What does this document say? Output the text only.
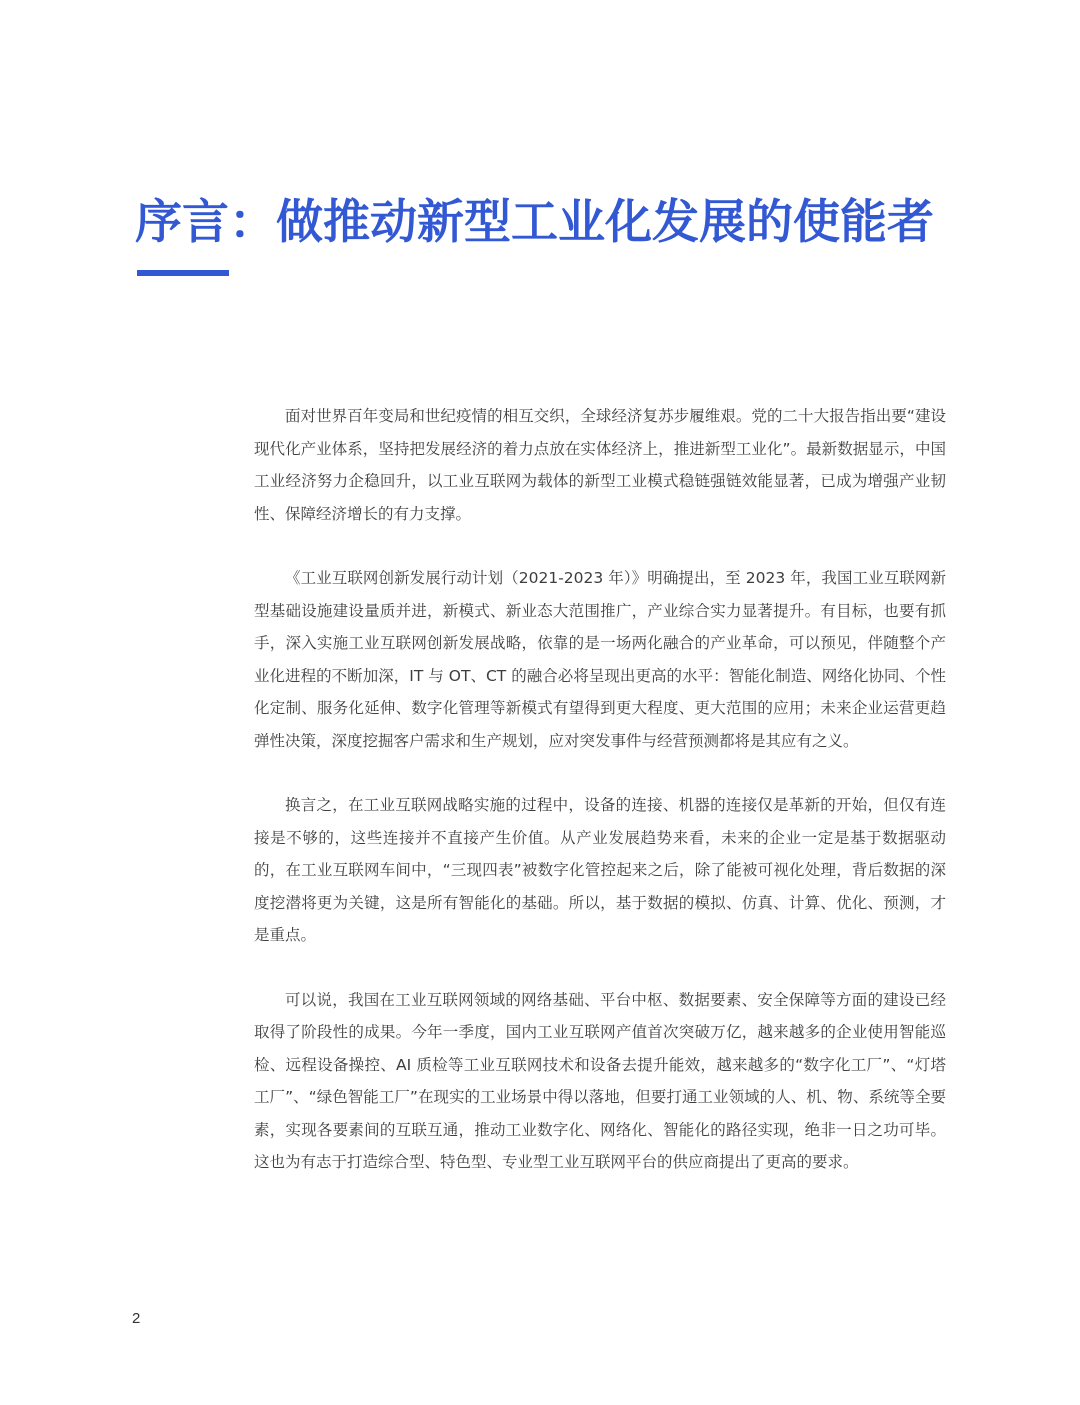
序言：做推动新型工业化发展的使能者

面对世界百年变局和世纪疫情的相互交织，全球经济复苏步履维艰。党的二十大报告指出要“建设现代化产业体系，坚持把发展经济的着力点放在实体经济上，推进新型工业化”。最新数据显示，中国工业经济努力企稳回升，以工业互联网为载体的新型工业模式稳链强链效能显著，已成为增强产业韧性、保障经济增长的有力支撑。

《工业互联网创新发展行动计划（2021-2023 年）》明确提出，至 2023 年，我国工业互联网新型基础设施建设量质并进，新模式、新业态大范围推广，产业综合实力显著提升。有目标，也要有抓手，深入实施工业互联网创新发展战略，依靠的是一场两化融合的产业革命，可以预见，伴随整个产业化进程的不断加深，IT 与 OT、CT 的融合必将呈现出更高的水平：智能化制造、网络化协同、个性化定制、服务化延伸、数字化管理等新模式有望得到更大程度、更大范围的应用；未来企业运营更趋弹性决策，深度挖掘客户需求和生产规划，应对突发事件与经营预测都将是其应有之义。

换言之，在工业互联网战略实施的过程中，设备的连接、机器的连接仅是革新的开始，但仅有连接是不够的，这些连接并不直接产生价值。从产业发展趋势来看，未来的企业一定是基于数据驱动的，在工业互联网车间中，“三现四表”被数字化管控起来之后，除了能被可视化处理，背后数据的深度挖潜将更为关键，这是所有智能化的基础。所以，基于数据的模拟、仿真、计算、优化、预测，才是重点。

可以说，我国在工业互联网领域的网络基础、平台中枢、数据要素、安全保障等方面的建设已经取得了阶段性的成果。今年一季度，国内工业互联网产值首次突破万亿，越来越多的企业使用智能巡检、远程设备操控、AI 质检等工业互联网技术和设备去提升能效，越来越多的“数字化工厂”、“灯塔工厂”、“绿色智能工厂”在现实的工业场景中得以落地，但要打通工业领域的人、机、物、系统等全要素，实现各要素间的互联互通，推动工业数字化、网络化、智能化的路径实现，绝非一日之功可毕。这也为有志于打造综合型、特色型、专业型工业互联网平台的供应商提出了更高的要求。

2
